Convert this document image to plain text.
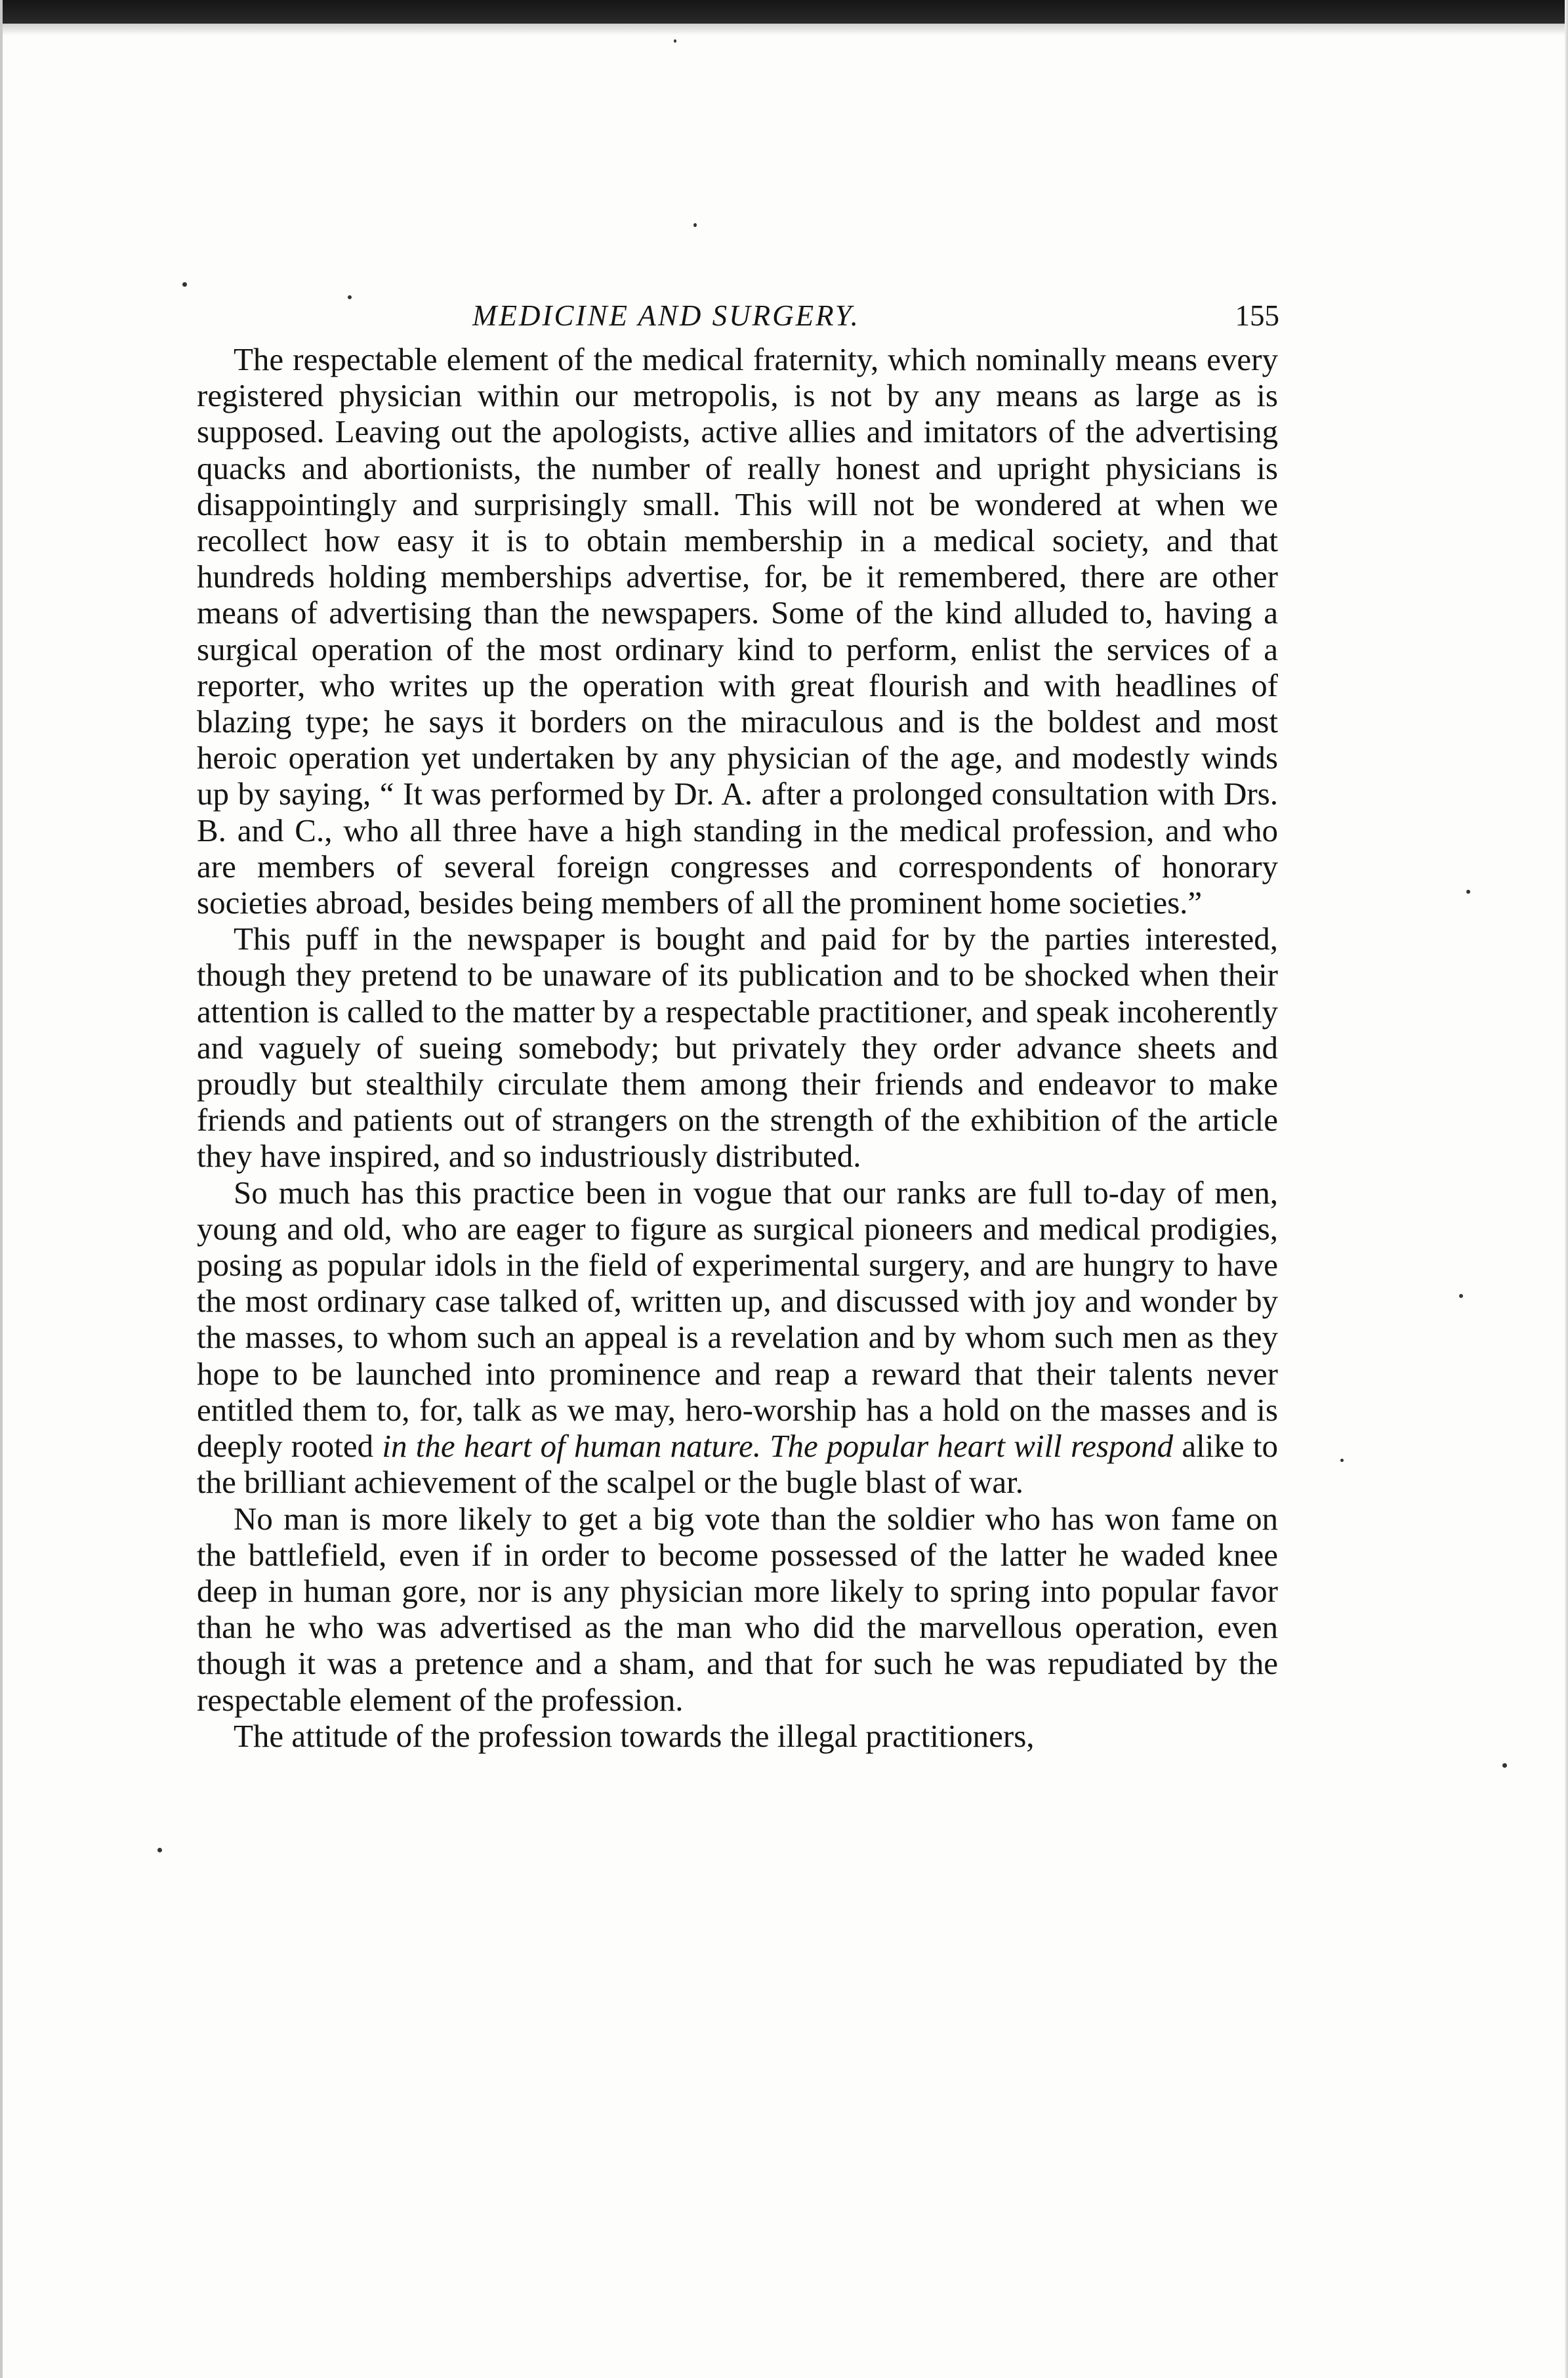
MEDICINE AND SURGERY.	155

The respectable element of the medical fraternity, which nominally means every registered physician within our metropolis, is not by any means as large as is supposed. Leaving out the apologists, active allies and imitators of the advertising quacks and abortionists, the number of really honest and upright physicians is disappointingly and surprisingly small. This will not be wondered at when we recollect how easy it is to obtain membership in a medical society, and that hundreds holding memberships advertise, for, be it remembered, there are other means of advertising than the newspapers. Some of the kind alluded to, having a surgical operation of the most ordinary kind to perform, enlist the services of a reporter, who writes up the operation with great flourish and with headlines of blazing type; he says it borders on the miraculous and is the boldest and most heroic operation yet undertaken by any physician of the age, and modestly winds up by saying, “ It was performed by Dr. A. after a prolonged consultation with Drs. B. and C., who all three have a high standing in the medical profession, and who are members of several foreign congresses and correspondents of honorary societies abroad, besides being members of all the prominent home societies.”

This puff in the newspaper is bought and paid for by the parties interested, though they pretend to be unaware of its publication and to be shocked when their attention is called to the matter by a respectable practitioner, and speak incoherently and vaguely of sueing somebody; but privately they order advance sheets and proudly but stealthily circulate them among their friends and endeavor to make friends and patients out of strangers on the strength of the exhibition of the article they have inspired, and so industriously distributed.

So much has this practice been in vogue that our ranks are full to-day of men, young and old, who are eager to figure as surgical pioneers and medical prodigies, posing as popular idols in the field of experimental surgery, and are hungry to have the most ordinary case talked of, written up, and discussed with joy and wonder by the masses, to whom such an appeal is a revelation and by whom such men as they hope to be launched into prominence and reap a reward that their talents never entitled them to, for, talk as we may, hero-worship has a hold on the masses and is deeply rooted in the heart of human nature. The popular heart will respond alike to the brilliant achievement of the scalpel or the bugle blast of war.

No man is more likely to get a big vote than the soldier who has won fame on the battlefield, even if in order to become possessed of the latter he waded knee deep in human gore, nor is any physician more likely to spring into popular favor than he who was advertised as the man who did the marvellous operation, even though it was a pretence and a sham, and that for such he was repudiated by the respectable element of the profession.

The attitude of the profession towards the illegal practitioners,
